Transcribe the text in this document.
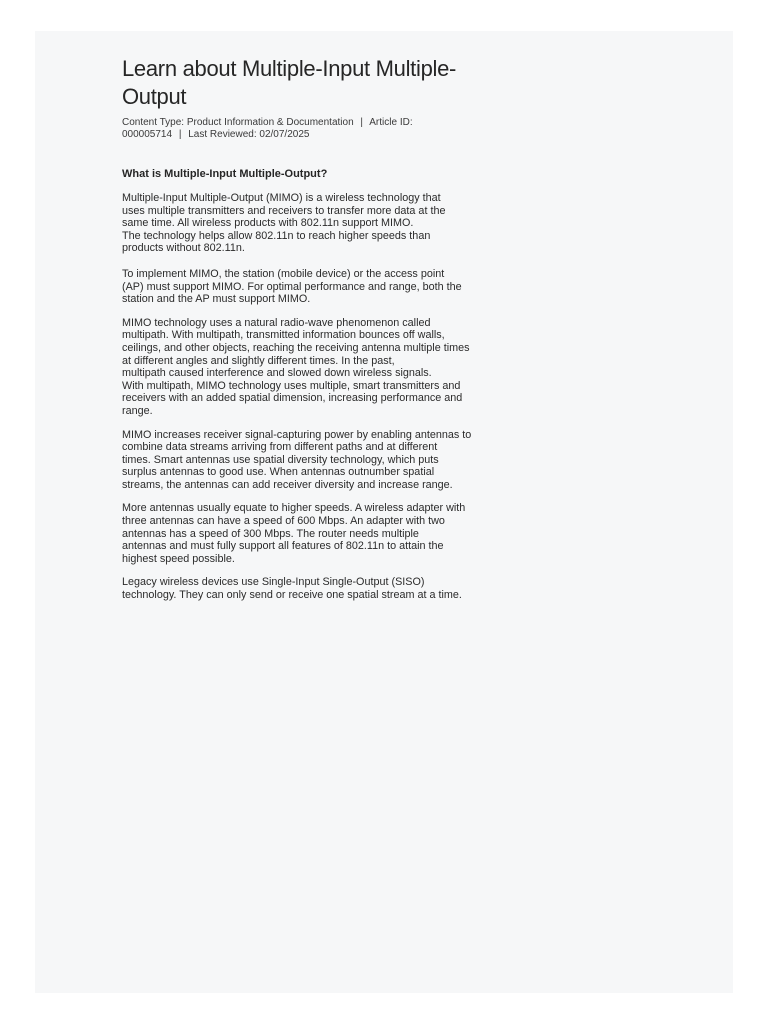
Learn about Multiple-Input Multiple-Output
Content Type: Product Information & Documentation | Article ID: 000005714 | Last Reviewed: 02/07/2025
What is Multiple-Input Multiple-Output?

Multiple-Input Multiple-Output (MIMO) is a wireless technology that
uses multiple transmitters and receivers to transfer more data at the
same time. All wireless products with 802.11n support MIMO.
The technology helps allow 802.11n to reach higher speeds than
products without 802.11n.

To implement MIMO, the station (mobile device) or the access point
(AP) must support MIMO. For optimal performance and range, both the
station and the AP must support MIMO.

MIMO technology uses a natural radio-wave phenomenon called
multipath. With multipath, transmitted information bounces off walls,
ceilings, and other objects, reaching the receiving antenna multiple times
at different angles and slightly different times. In the past,
multipath caused interference and slowed down wireless signals.
With multipath, MIMO technology uses multiple, smart transmitters and
receivers with an added spatial dimension, increasing performance and
range.

MIMO increases receiver signal-capturing power by enabling antennas to
combine data streams arriving from different paths and at different
times. Smart antennas use spatial diversity technology, which puts
surplus antennas to good use. When antennas outnumber spatial
streams, the antennas can add receiver diversity and increase range.

More antennas usually equate to higher speeds. A wireless adapter with
three antennas can have a speed of 600 Mbps. An adapter with two
antennas has a speed of 300 Mbps. The router needs multiple
antennas and must fully support all features of 802.11n to attain the
highest speed possible.

Legacy wireless devices use Single-Input Single-Output (SISO)
technology. They can only send or receive one spatial stream at a time.
